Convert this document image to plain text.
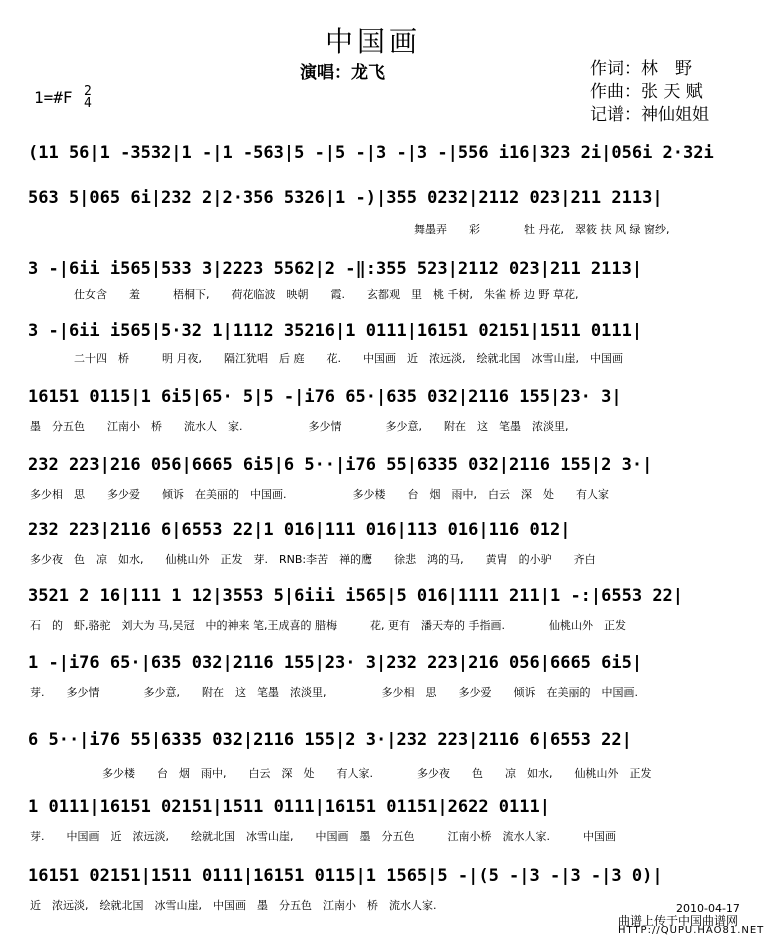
中国画
演唱：龙飞	作词：林　野
作曲：张 天 赋
记谱：神仙姐姐
1=#F 2
4
(11 56|1 -3532|1 -|1 -563|5 -|5 -|3 -|3 -|556 i16|323 2i|056i 2·32i
563 5|065 6i|232 2|2·356 5326|1 -)|355 0232|2112 023|211 2113|
舞墨弄　　彩　　　　牡 丹花,　翠筱 扶 风 绿 窗纱,
3 -|6ii i565|533 3|2223 5562|2 -‖:355 523|2112 023|211 2113|
仕女含　　羞　　　梧桐下,　　荷花临波　映朝　　霞.　　玄都观　里　桃 千树,　朱雀 桥 边 野 草花,
3 -|6ii i565|5·32 1|1112 35216|1 0111|16151 02151|1511 0111|
二十四　桥　　　明 月夜,　　隔江犹唱　后 庭　　花.　　中国画　近　浓远淡,　绘就北国　冰雪山崖,　中国画
16151 0115|1 6i5|65· 5|5 -|i76 65·|635 032|2116 155|23· 3|
墨　分五色　　江南小　桥　　流水人　家.　　　　　　多少情　　　　多少意,　　附在　这　笔墨　浓淡里,
232 223|216 056|6665 6i5|6 5··|i76 55|6335 032|2116 155|2 3·|
多少相　思　　多少爱　　倾诉　在美丽的　中国画.　　　　　　多少楼　　台　烟　雨中,　白云　深　处　　有人家
232 223|2116 6|6553 22|1 016|111 016|113 016|116 012|
多少夜　色　凉　如水,　　仙桃山外　正发　芽.　RNB:李苦　禅的鹰　　徐悲　鸿的马,　　黄胄　的小驴　　齐白
3521 2 16|111 1 12|3553 5|6iii i565|5 016|1111 211|1 -:|6553 22|
石　的　虾,骆驼　刘大为 马,吴冠　中的神来 笔,王成喜的 腊梅　　　花, 更有　潘天寿的 手指画.　　　　仙桃山外　正发
1 -|i76 65·|635 032|2116 155|23· 3|232 223|216 056|6665 6i5|
芽.　　多少情　　　　多少意,　　附在　这　笔墨　浓淡里,　　　　　多少相　思　　多少爱　　倾诉　在美丽的　中国画.
6 5··|i76 55|6335 032|2116 155|2 3·|232 223|2116 6|6553 22|
多少楼　　台　烟　雨中,　　白云　深　处　　有人家.　　　　多少夜　　色　　凉　如水,　　仙桃山外　正发
1 0111|16151 02151|1511 0111|16151 01151|2622 0111|
芽.　　中国画　近　浓远淡,　　绘就北国　冰雪山崖,　　中国画　墨　分五色　　　江南小桥　流水人家.　　　中国画
16151 02151|1511 0111|16151 0115|1 1565|5 -|(5 -|3 -|3 -|3 0)|
近　浓远淡,　绘就北国　冰雪山崖,　中国画　墨　分五色　江南小　桥　流水人家.	2010-04-17
曲谱上传于中国曲谱网
HTTP://QUPU.HAO81.NET
